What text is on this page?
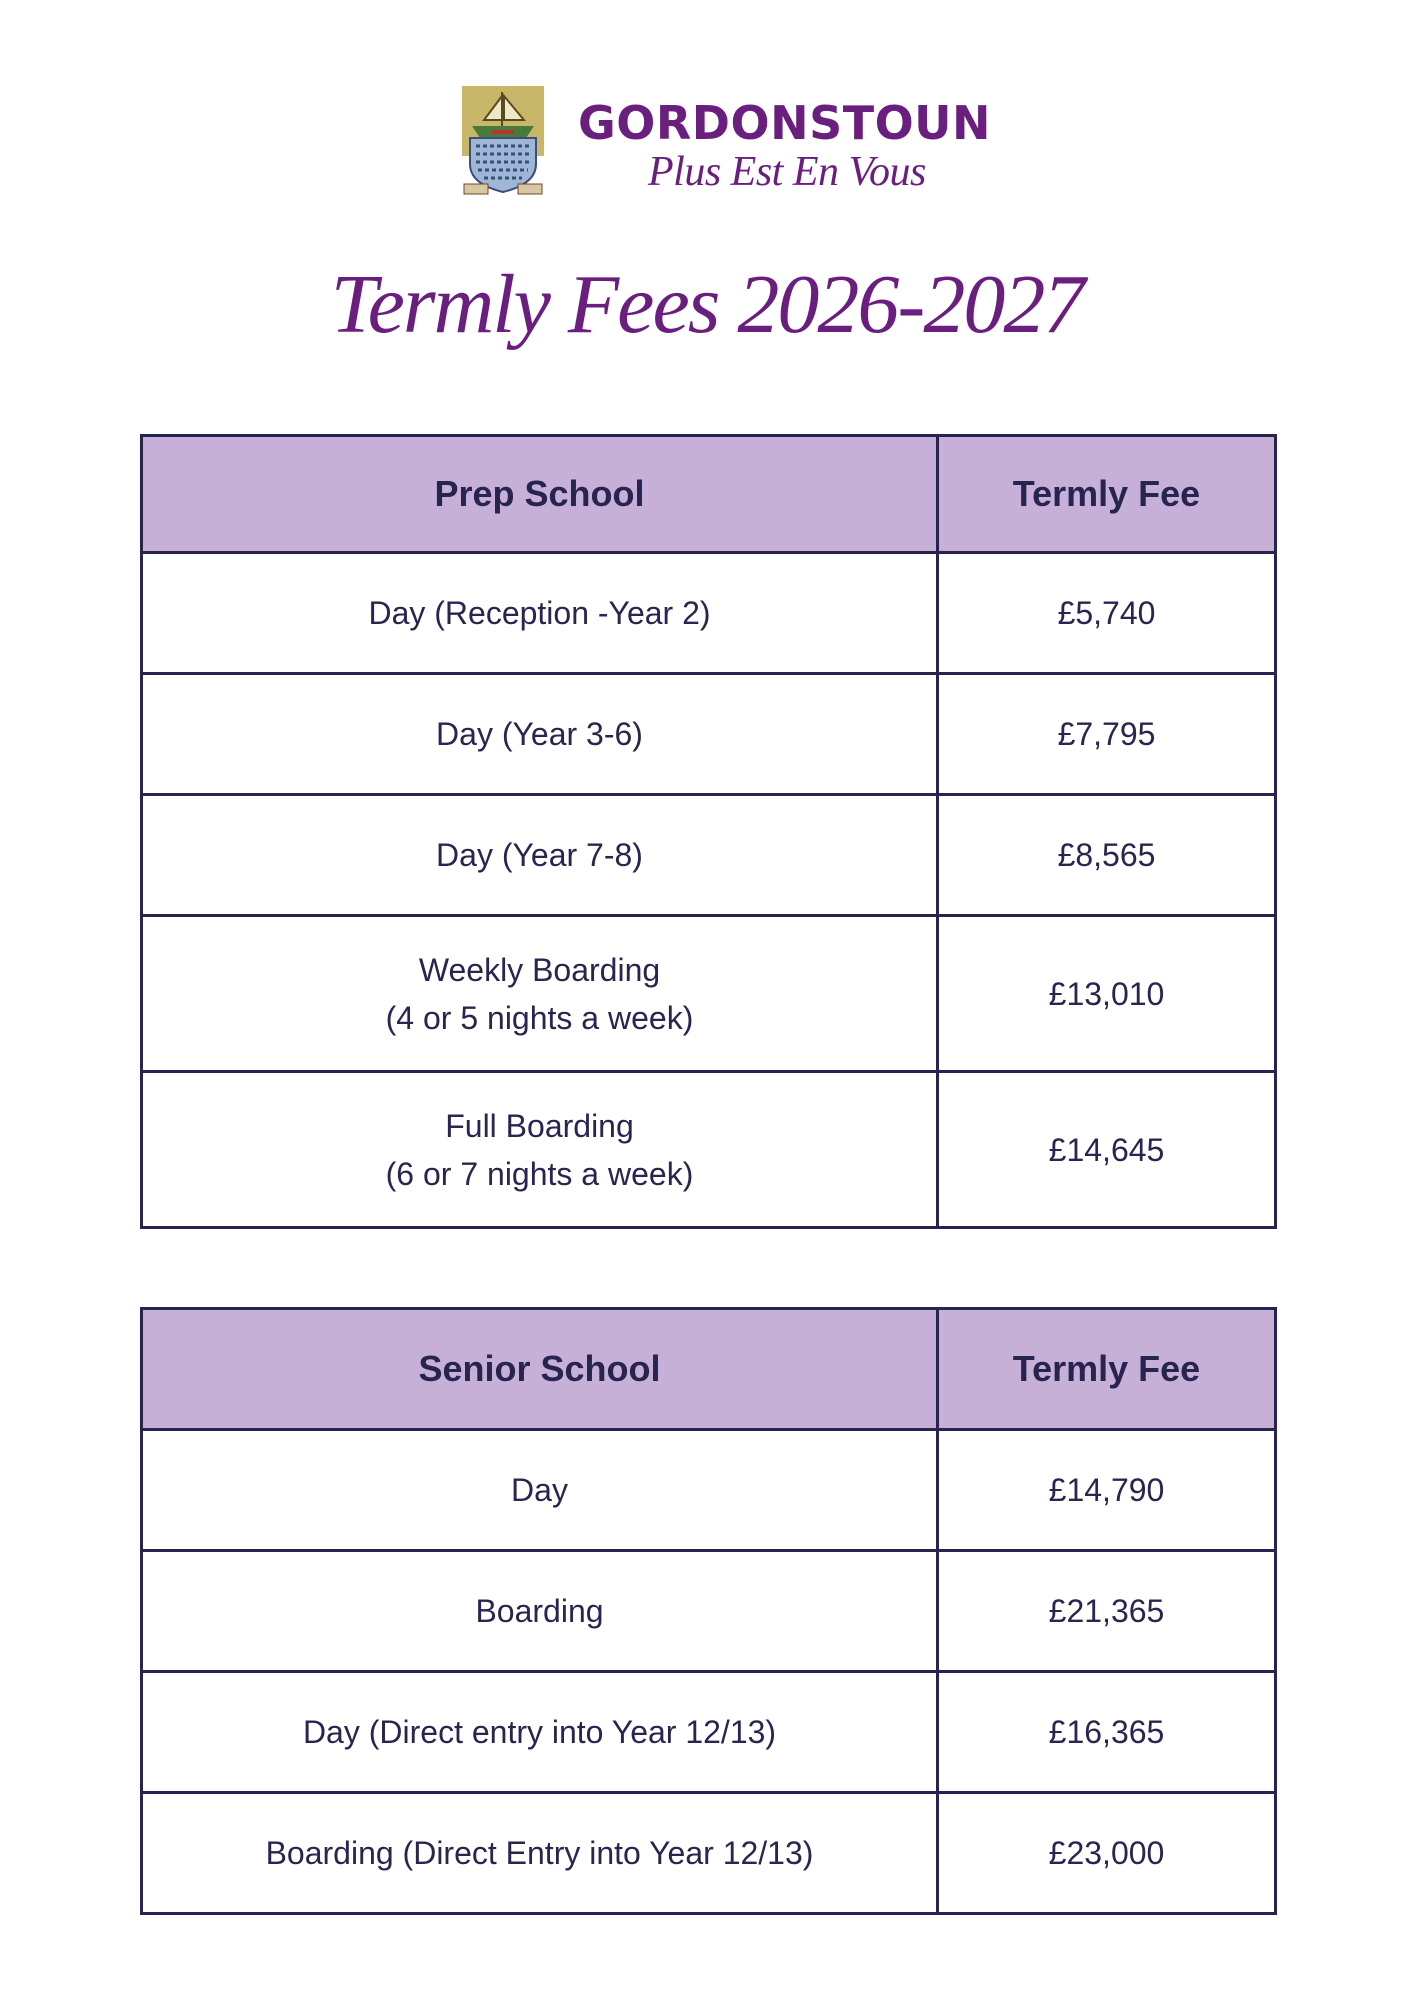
GORDONSTOUN
Plus Est En Vous
Termly Fees 2026-2027
Prep School	Termly Fee
Day (Reception -Year 2)	£5,740
Day (Year 3-6)	£7,795
Day (Year 7-8)	£8,565

Weekly Boarding
(4 or 5 nights a week)	£13,010

Full Boarding
(6 or 7 nights a week)	£14,645
Senior School	Termly Fee
Day	£14,790
Boarding	£21,365
Day (Direct entry into Year 12/13)	£16,365
Boarding (Direct Entry into Year 12/13)	£23,000
